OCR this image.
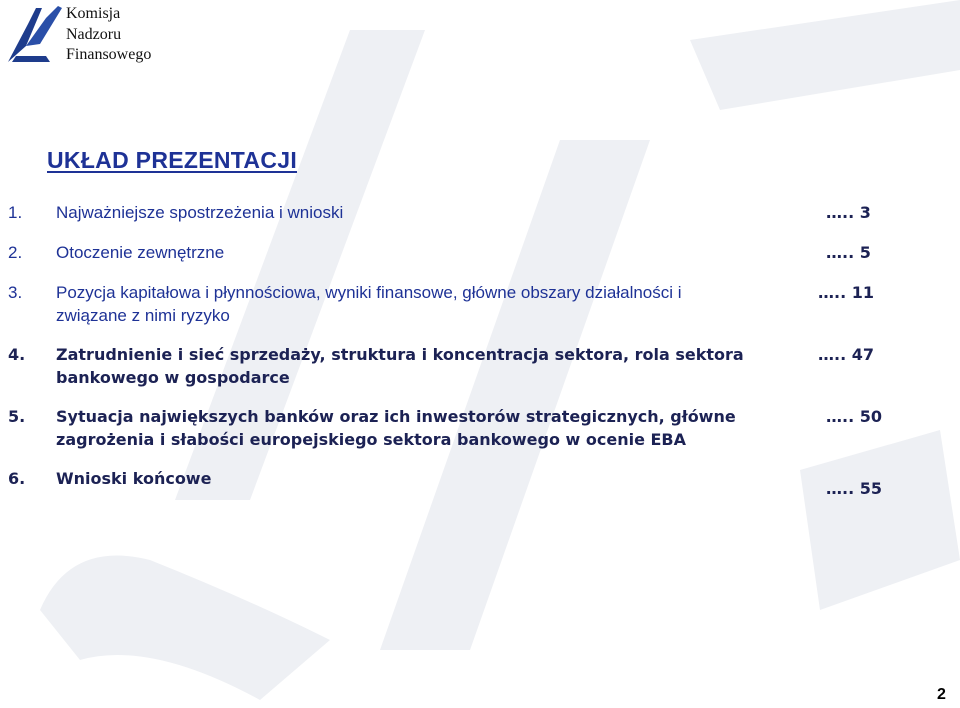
Komisja
Nadzoru
Finansowego
UKŁAD PREZENTACJI
1. Najważniejsze spostrzeżenia i wnioski	….. 3
2. Otoczenie zewnętrzne	….. 5
3. Pozycja kapitałowa i płynnościowa, wyniki finansowe, główne obszary działalności i związane z nimi ryzyko
….. 11
4. Zatrudnienie i sieć sprzedaży, struktura i koncentracja sektora, rola sektora bankowego w gospodarce
….. 47
5. Sytuacja największych banków oraz ich inwestorów strategicznych, główne zagrożenia i słabości europejskiego sektora bankowego w ocenie EBA
….. 50
6. Wnioski końcowe
….. 55
2
